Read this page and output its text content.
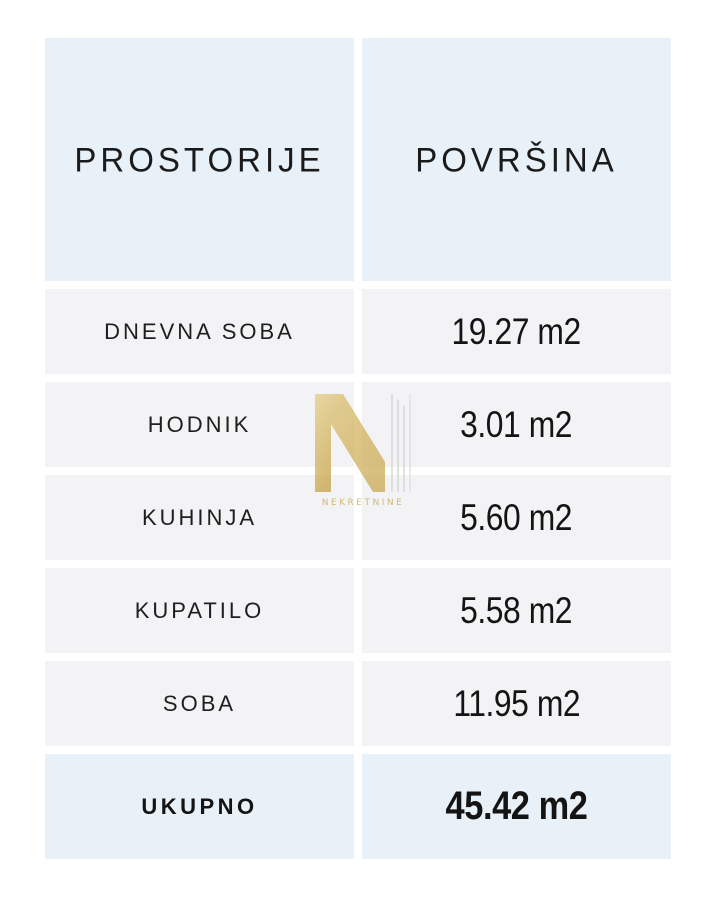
PROSTORIJE	POVRŠINA
DNEVNA SOBA	19.27 m2
HODNIK	3.01 m2
KUHINJA	5.60 m2
KUPATILO	5.58 m2
SOBA	11.95 m2
UKUPNO	45.42 m2
NEKRETNINE
